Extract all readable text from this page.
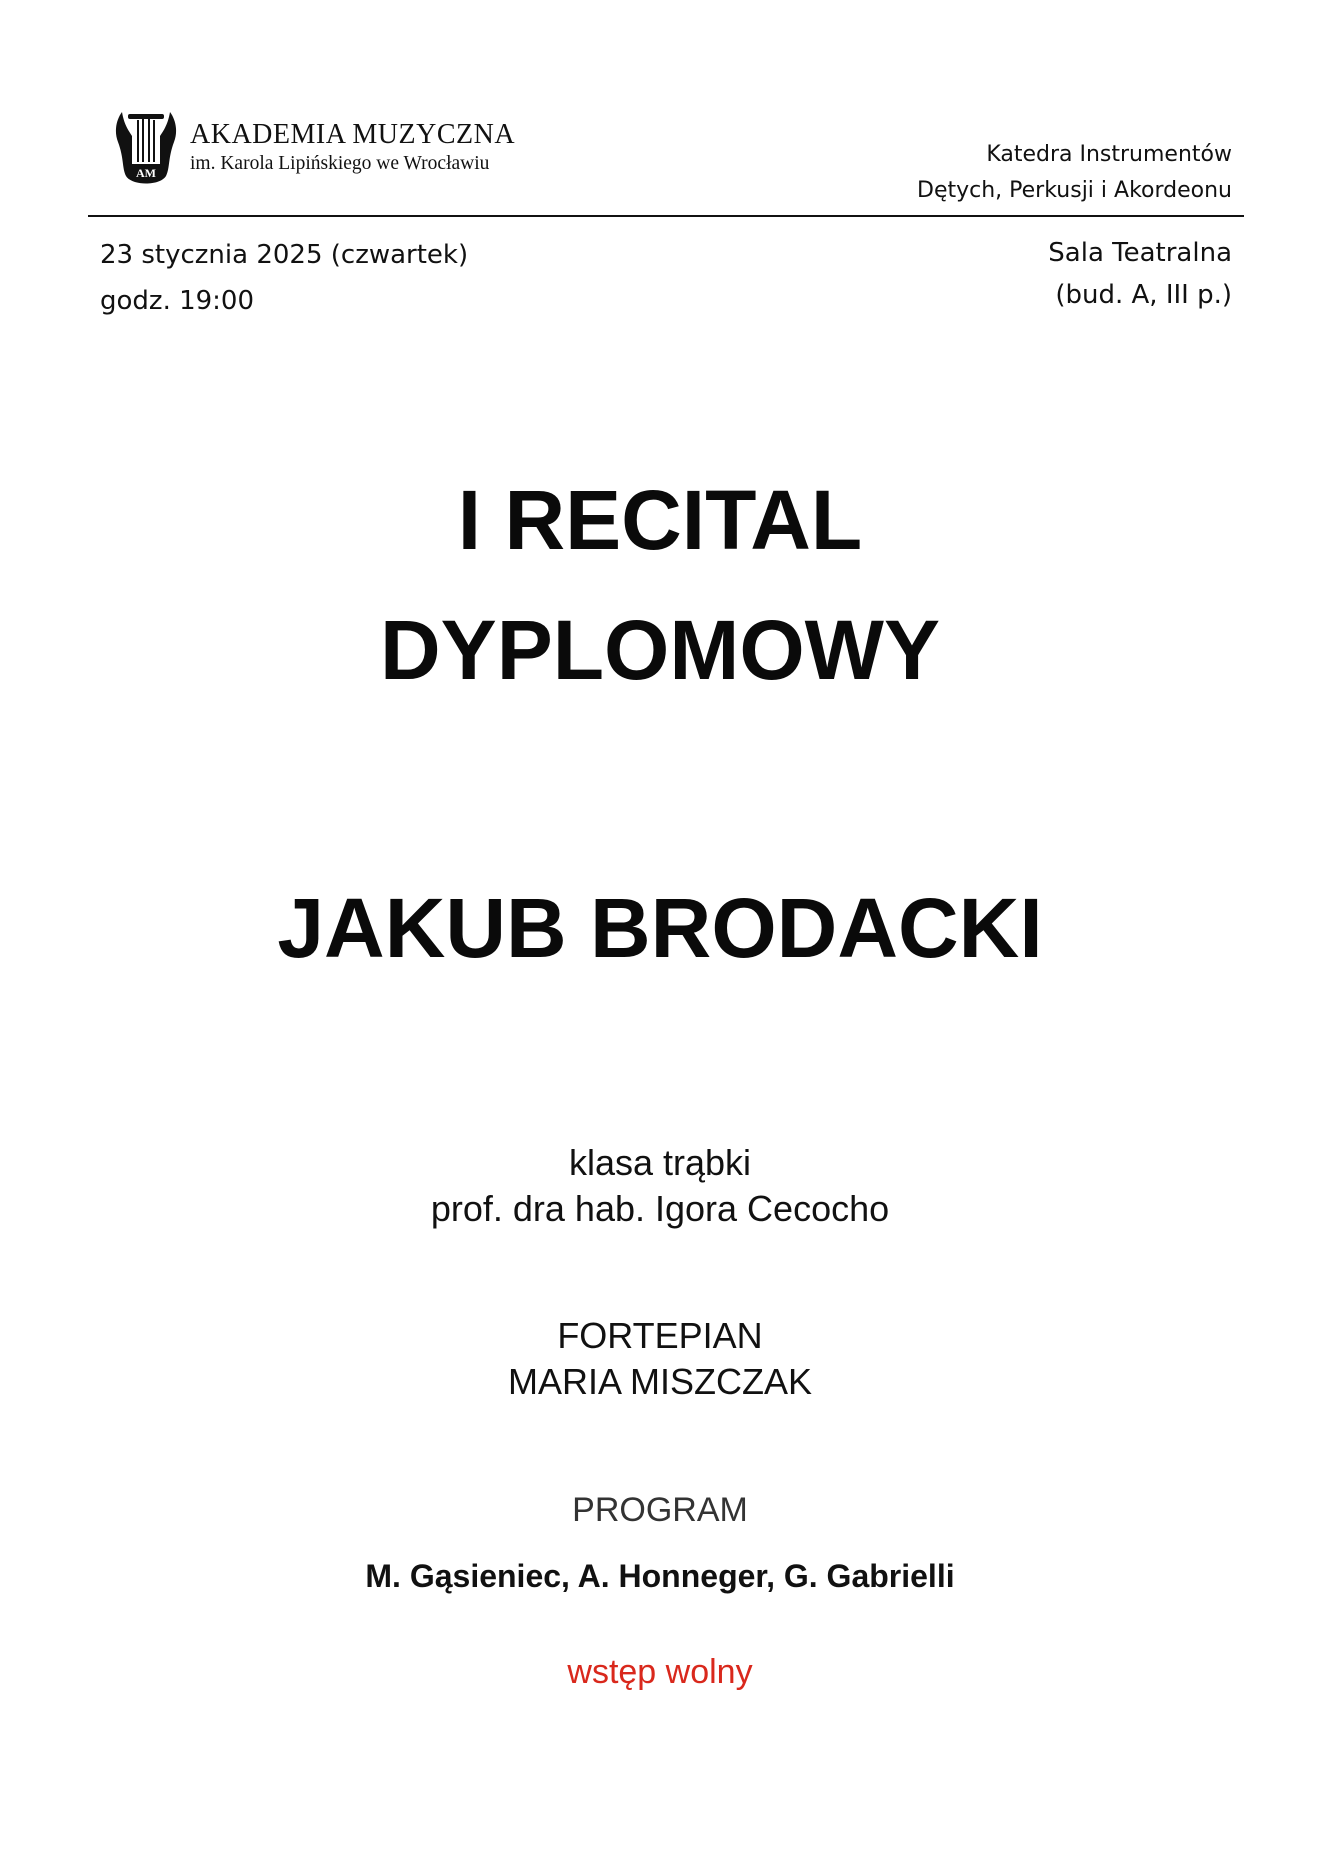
AM
AKADEMIA MUZYCZNA
im. Karola Lipińskiego we Wrocławiu	Katedra Instrumentów
Dętych, Perkusji i Akordeonu
23 stycznia 2025 (czwartek)
godz. 19:00
Sala Teatralna
(bud. A, III p.)
I RECITAL
DYPLOMOWY
JAKUB BRODACKI
klasa trąbki
prof. dra hab. Igora Cecocho
FORTEPIAN
MARIA MISZCZAK
PROGRAM
M. Gąsieniec, A. Honneger, G. Gabrielli
wstęp wolny
